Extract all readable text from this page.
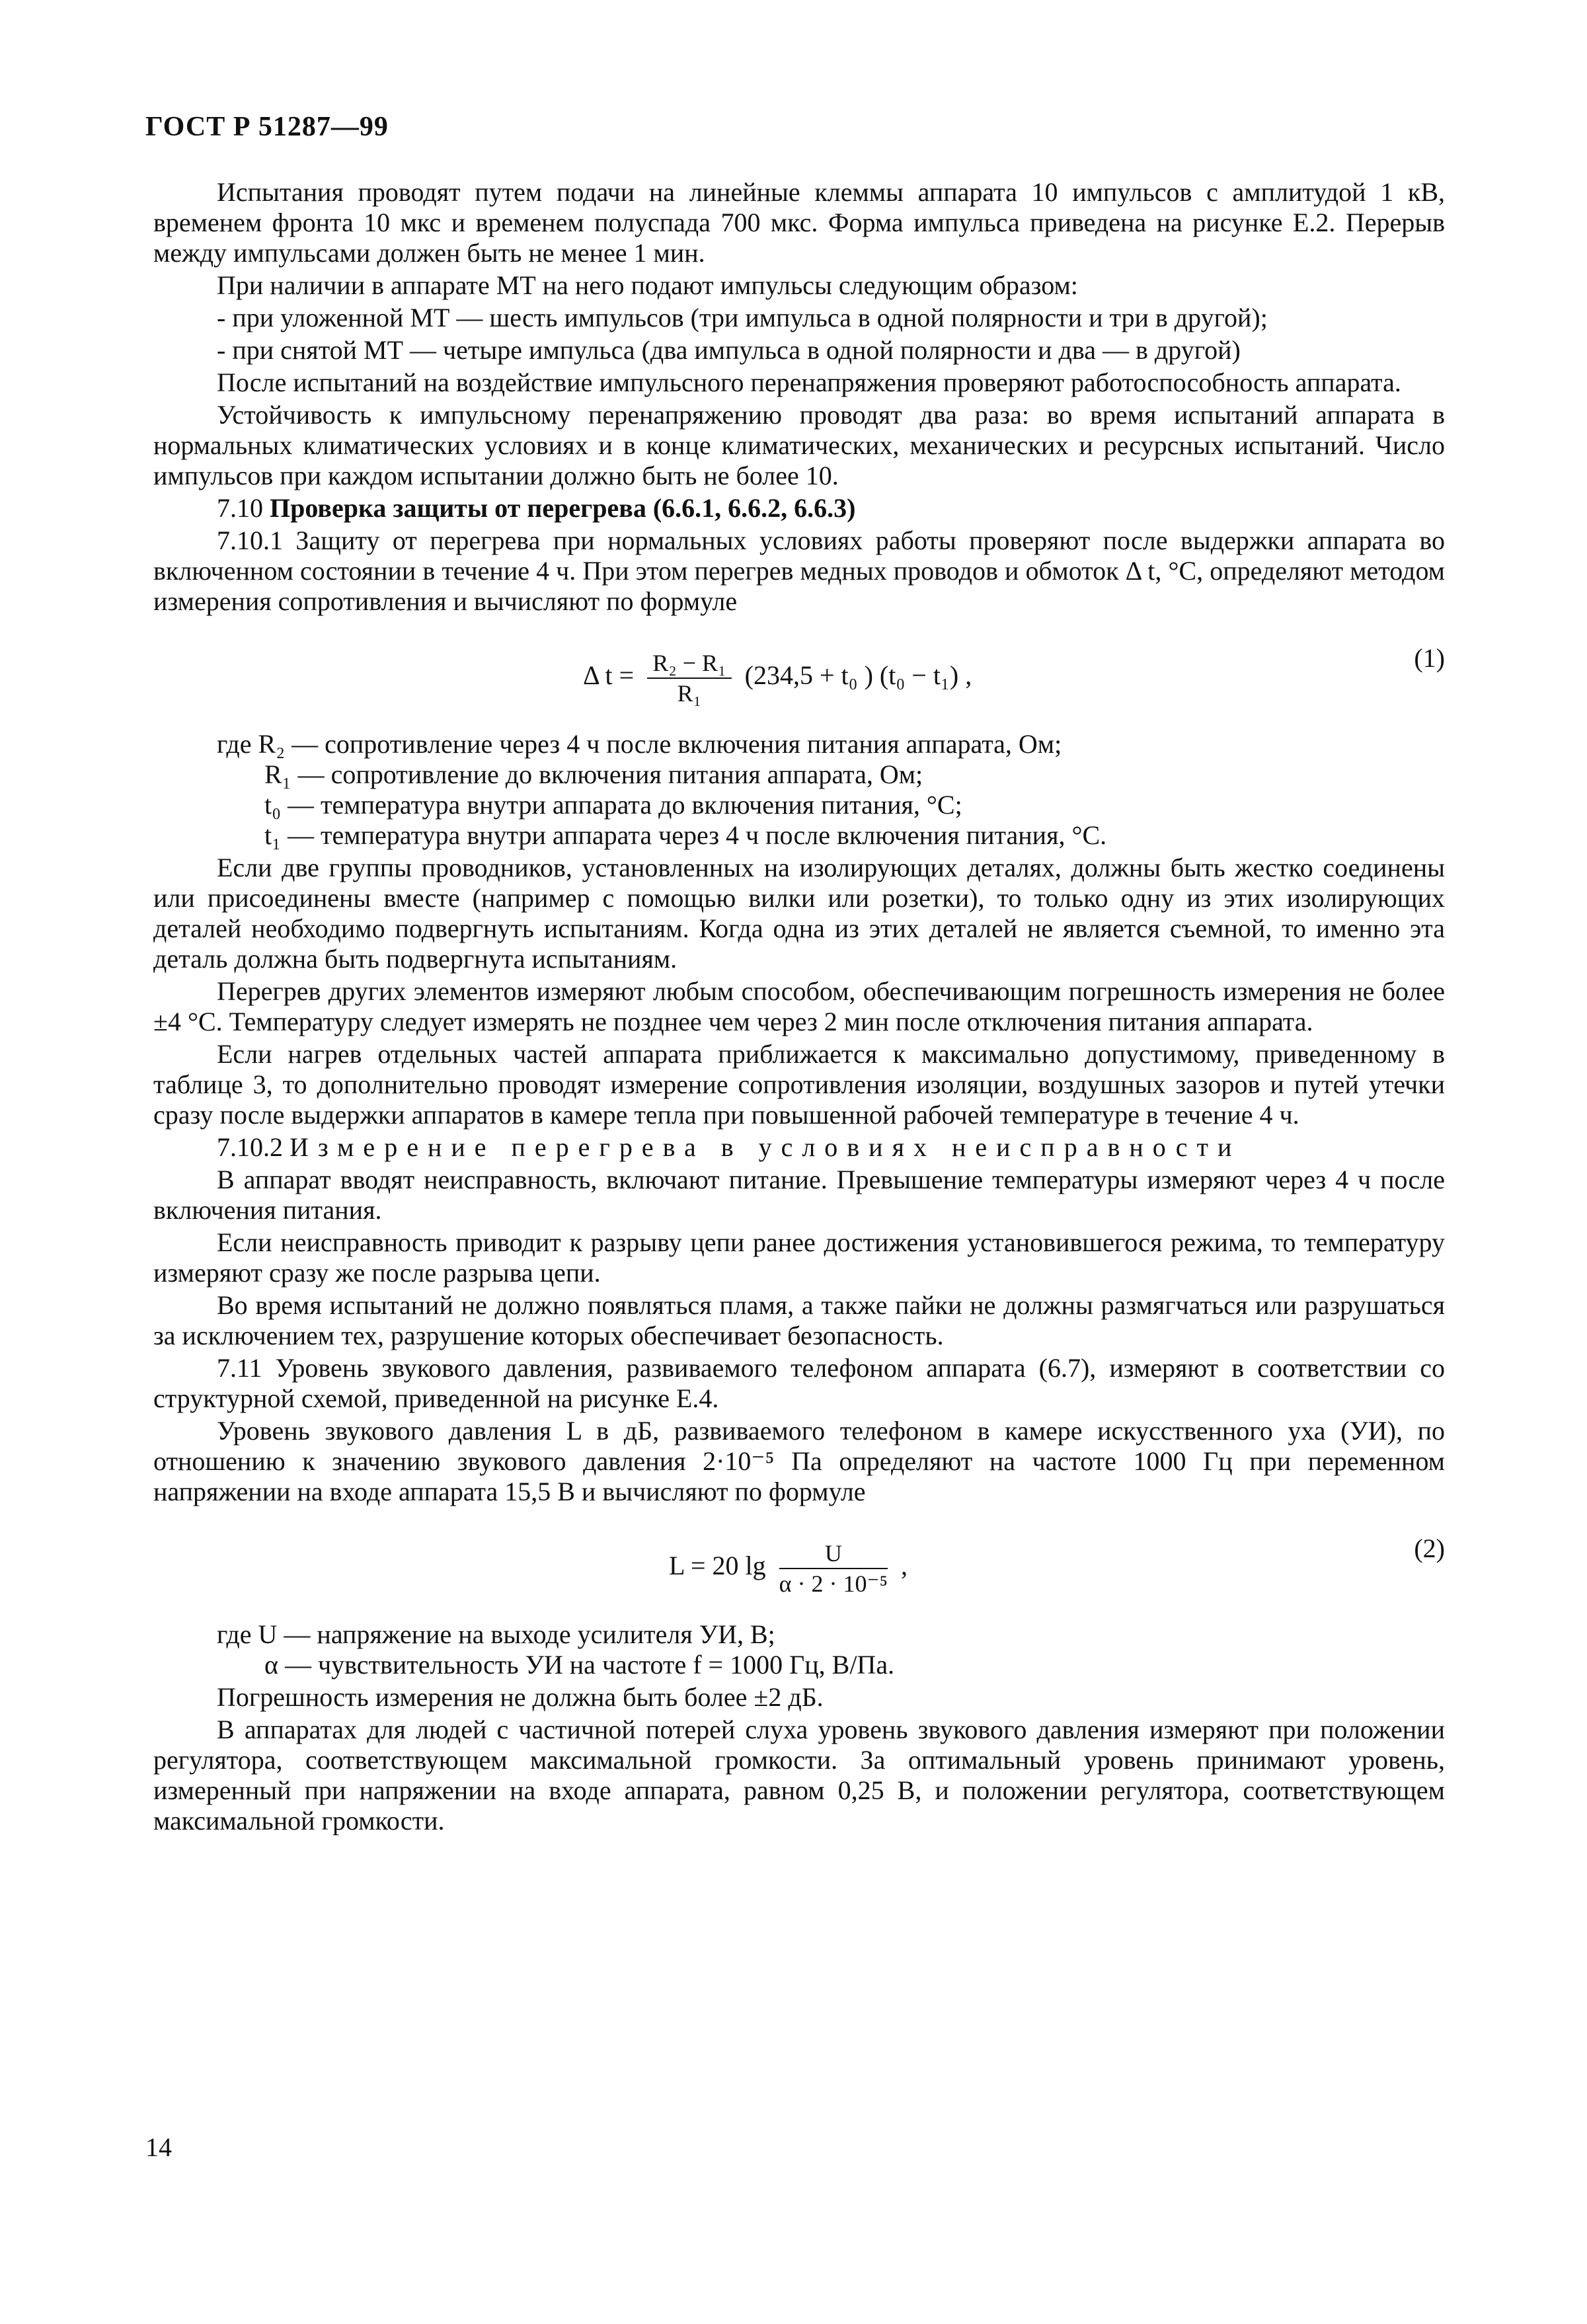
ГОСТ Р 51287—99

Испытания проводят путем подачи на линейные клеммы аппарата 10 импульсов с амплитудой 1 кВ, временем фронта 10 мкс и временем полуспада 700 мкс. Форма импульса приведена на рисунке Е.2. Перерыв между импульсами должен быть не менее 1 мин.

При наличии в аппарате МТ на него подают импульсы следующим образом:

- при уложенной МТ — шесть импульсов (три импульса в одной полярности и три в другой);

- при снятой МТ — четыре импульса (два импульса в одной полярности и два — в другой)

После испытаний на воздействие импульсного перенапряжения проверяют работоспособность аппарата.

Устойчивость к импульсному перенапряжению проводят два раза: во время испытаний аппарата в нормальных климатических условиях и в конце климатических, механических и ресурсных испытаний. Число импульсов при каждом испытании должно быть не более 10.

7.10 Проверка защиты от перегрева (6.6.1, 6.6.2, 6.6.3)

7.10.1 Защиту от перегрева при нормальных условиях работы проверяют после выдержки аппарата во включенном состоянии в течение 4 ч. При этом перегрев медных проводов и обмоток Δ t, °С, определяют методом измерения сопротивления и вычисляют по формуле

Δ $t = \frac{\text{R₂ − R₁}}{\text{R₁}} (234,5 + t_0$ ) (t₀ − t₁) ,
(1)
где R₂ — сопротивление через 4 ч после включения питания аппарата, Ом;
R₁ — сопротивление до включения питания аппарата, Ом;
t₀ — температура внутри аппарата до включения питания, °С;
t₁ — температура внутри аппарата через 4 ч после включения питания, °С.

Если две группы проводников, установленных на изолирующих деталях, должны быть жестко соединены или присоединены вместе (например с помощью вилки или розетки), то только одну из этих изолирующих деталей необходимо подвергнуть испытаниям. Когда одна из этих деталей не является съемной, то именно эта деталь должна быть подвергнута испытаниям.

Перегрев других элементов измеряют любым способом, обеспечивающим погрешность измерения не более ±4 °С. Температуру следует измерять не позднее чем через 2 мин после отключения питания аппарата.

Если нагрев отдельных частей аппарата приближается к максимально допустимому, приведенному в таблице 3, то дополнительно проводят измерение сопротивления изоляции, воздушных зазоров и путей утечки сразу после выдержки аппаратов в камере тепла при повышенной рабочей температуре в течение 4 ч.

7.10.2 Измерение перегрева в условиях неисправности

В аппарат вводят неисправность, включают питание. Превышение температуры измеряют через 4 ч после включения питания.

Если неисправность приводит к разрыву цепи ранее достижения установившегося режима, то температуру измеряют сразу же после разрыва цепи.

Во время испытаний не должно появляться пламя, а также пайки не должны размягчаться или разрушаться за исключением тех, разрушение которых обеспечивает безопасность.

7.11 Уровень звукового давления, развиваемого телефоном аппарата (6.7), измеряют в соответствии со структурной схемой, приведенной на рисунке Е.4.

Уровень звукового давления L в дБ, развиваемого телефоном в камере искусственного уха (УИ), по отношению к значению звукового давления 2·10⁻⁵ Па определяют на частоте 1000 Гц при переменном напряжении на входе аппарата 15,5 В и вычисляют по формуле

L = 20 $\lg \frac{U}{\text{α · 2 · 10⁻⁵}}$ ,
(2)
где U — напряжение на выходе усилителя УИ, В;
α — чувствительность УИ на частоте f = 1000 Гц, В/Па.

Погрешность измерения не должна быть более ±2 дБ.

В аппаратах для людей с частичной потерей слуха уровень звукового давления измеряют при положении регулятора, соответствующем максимальной громкости. За оптимальный уровень принимают уровень, измеренный при напряжении на входе аппарата, равном 0,25 В, и положении регулятора, соответствующем максимальной громкости.

14
